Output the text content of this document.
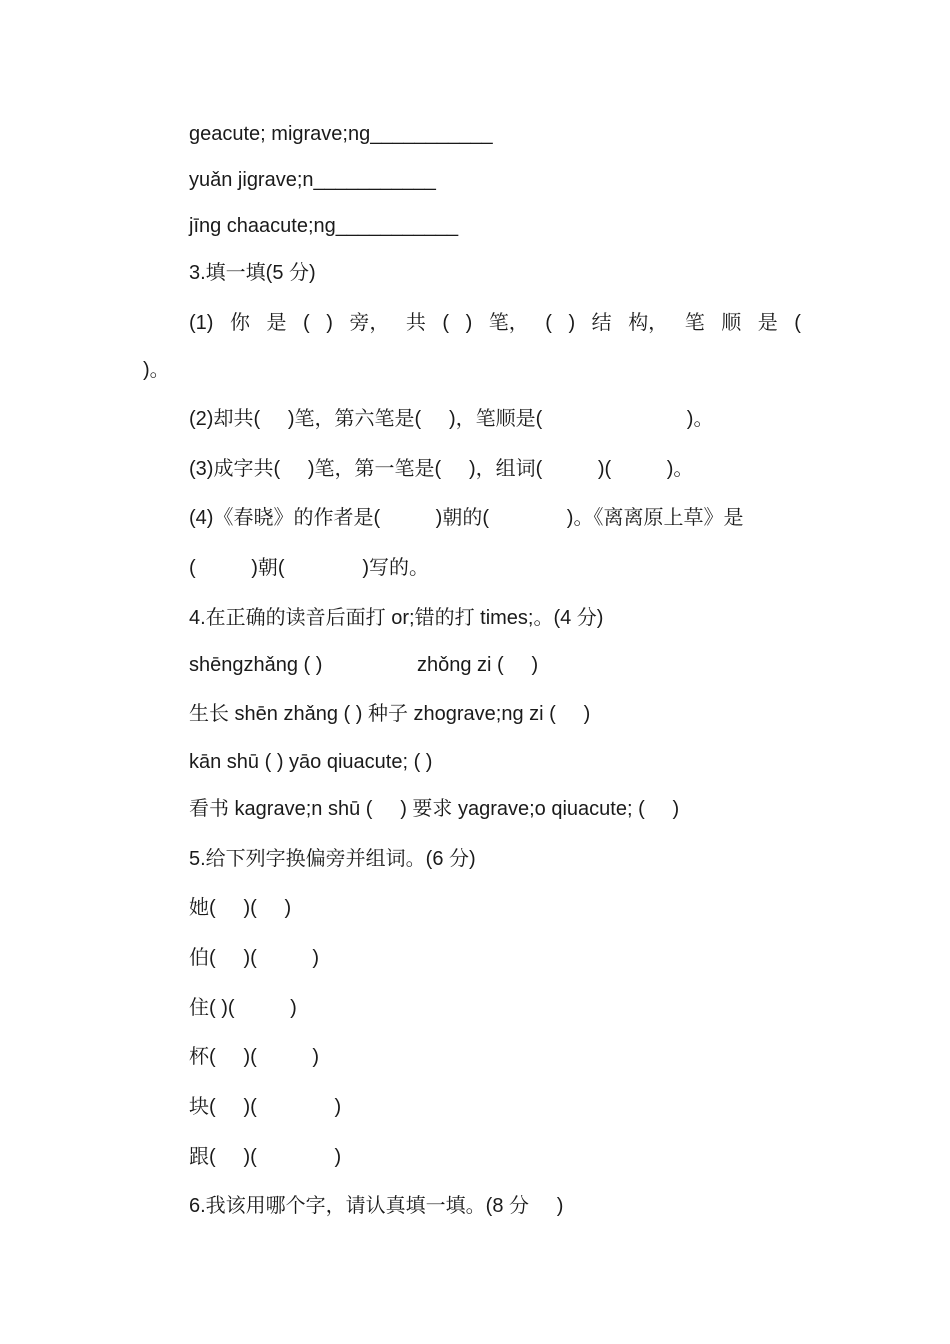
geacute; migrave;ng___________
yuǎn jigrave;n___________
jīng chaacute;ng___________
3.填一填(5 分)
(1) 你 是 ( ) 旁， 共 ( ) 笔， ( ) 结 构， 笔 顺 是 (
)。
(2)却共(     )笔，第六笔是(     )，笔顺是(                          )。
(3)成字共(     )笔，第一笔是(     )，组词(          )(          )。
(4)《春晓》的作者是(          )朝的(              )。《离离原上草》是
(          )朝(              )写的。
4.在正确的读音后面打 or;错的打 times;。(4 分)
shēngzhǎng ( )	zhǒng zi (     )
生长 shēn zhǎng ( ) 种子 zhograve;ng zi (     )
kān shū ( ) yāo qiuacute; ( )
看书 kagrave;n shū (     ) 要求 yagrave;o qiuacute; (     )
5.给下列字换偏旁并组词。(6 分)
她(     )(     )
伯(     )(          )
住( )(          )
杯(     )(          )
块(     )(              )
跟(     )(              )
6.我该用哪个字，请认真填一填。(8 分     )
